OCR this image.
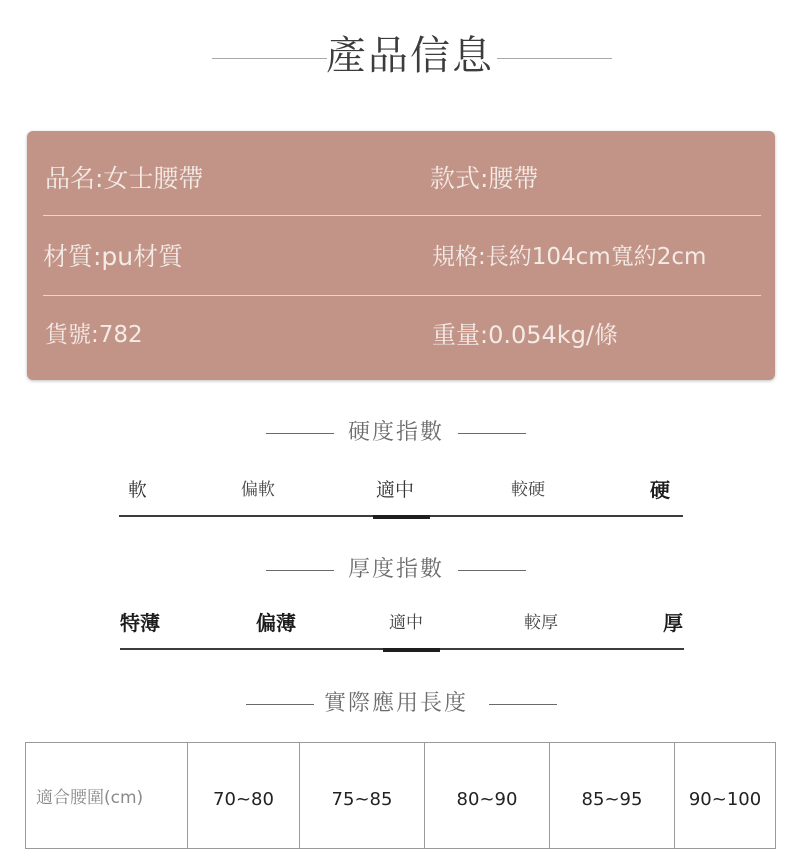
產品信息
品名:女士腰帶	款式:腰帶
材質:pu材質	規格:長約104cm寬約2cm
貨號:782	重量:0.054kg/條
硬度指數
軟	偏軟	適中	較硬	硬
厚度指數
特薄	偏薄	適中	較厚	厚
實際應用長度
適合腰圍(cm)	70~80	75~85	80~90	85~95	90~100
